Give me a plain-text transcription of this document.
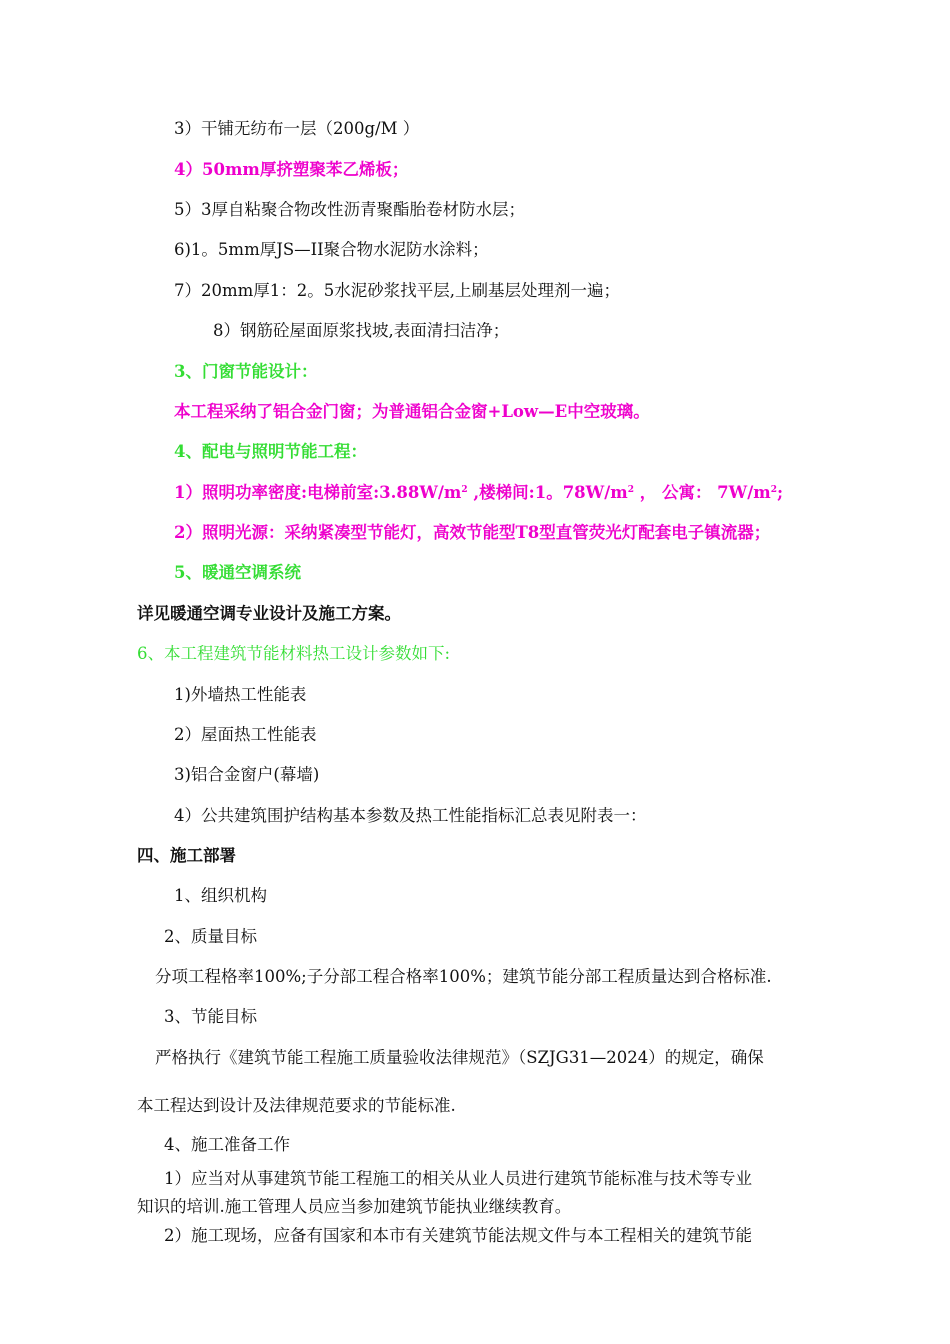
3）干铺无纺布一层（200g/M ）
4）50mm厚挤塑聚苯乙烯板；
5）3厚自粘聚合物改性沥青聚酯胎卷材防水层；
6)1。5mm厚JS—II聚合物水泥防水涂料；
7）20mm厚1：2。5水泥砂浆找平层,上刷基层处理剂一遍；
8）钢筋砼屋面原浆找坡,表面清扫洁净；
3、门窗节能设计：
本工程采纳了铝合金门窗；为普通铝合金窗+Low—E中空玻璃。
4、配电与照明节能工程：
1）照明功率密度:电梯前室$:3.88W/m^2$ ,楼梯间:1。$78W/m^2$ ， 公寓： $7W/m^2$;
2）照明光源：采纳紧凑型节能灯，高效节能型T8型直管荧光灯配套电子镇流器；
5、暖通空调系统
详见暖通空调专业设计及施工方案。
6、本工程建筑节能材料热工设计参数如下:
1)外墙热工性能表
2）屋面热工性能表
3)铝合金窗户(幕墙)
4）公共建筑围护结构基本参数及热工性能指标汇总表见附表一：
四、施工部署
1、组织机构
2、质量目标
分项工程格率100%;子分部工程合格率100%；建筑节能分部工程质量达到合格标准.
3、节能目标
严格执行《建筑节能工程施工质量验收法律规范》（SZJG31—2024）的规定，确保
本工程达到设计及法律规范要求的节能标准.
4、施工准备工作
1）应当对从事建筑节能工程施工的相关从业人员进行建筑节能标准与技术等专业
知识的培训.施工管理人员应当参加建筑节能执业继续教育。
2）施工现场，应备有国家和本市有关建筑节能法规文件与本工程相关的建筑节能
